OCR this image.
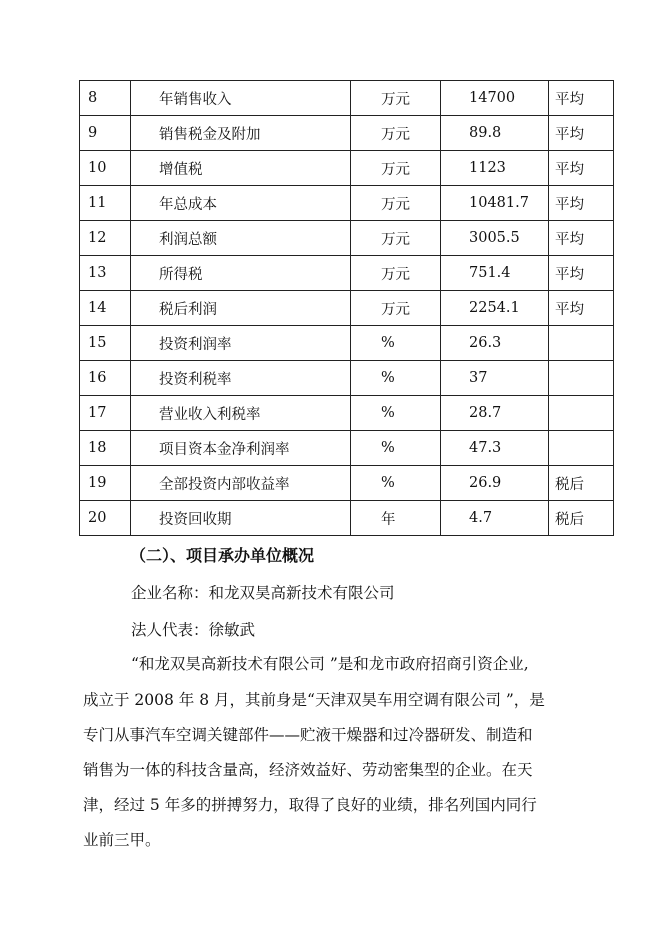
8	年销售收入	万元	14700	平均
9	销售税金及附加	万元	89.8	平均
10	增值税	万元	1123	平均
11	年总成本	万元	10481.7	平均
12	利润总额	万元	3005.5	平均
13	所得税	万元	751.4	平均
14	税后利润	万元	2254.1	平均
15	投资利润率	%	26.3	
16	投资利税率	%	37	
17	营业收入利税率	%	28.7	
18	项目资本金净利润率	%	47.3	
19	全部投资内部收益率	%	26.9	税后
20	投资回收期	年	4.7	税后
（二）、项目承办单位概况
企业名称：和龙双昊高新技术有限公司
法人代表：徐敏武
“和龙双昊高新技术有限公司 ”是和龙市政府招商引资企业,
成立于 2008 年 8 月，其前身是“天津双昊车用空调有限公司 ”，是
专门从事汽车空调关键部件——贮液干燥器和过冷器研发、制造和
销售为一体的科技含量高，经济效益好、劳动密集型的企业。在天
津，经过 5 年多的拼搏努力，取得了良好的业绩，排名列国内同行
业前三甲。
